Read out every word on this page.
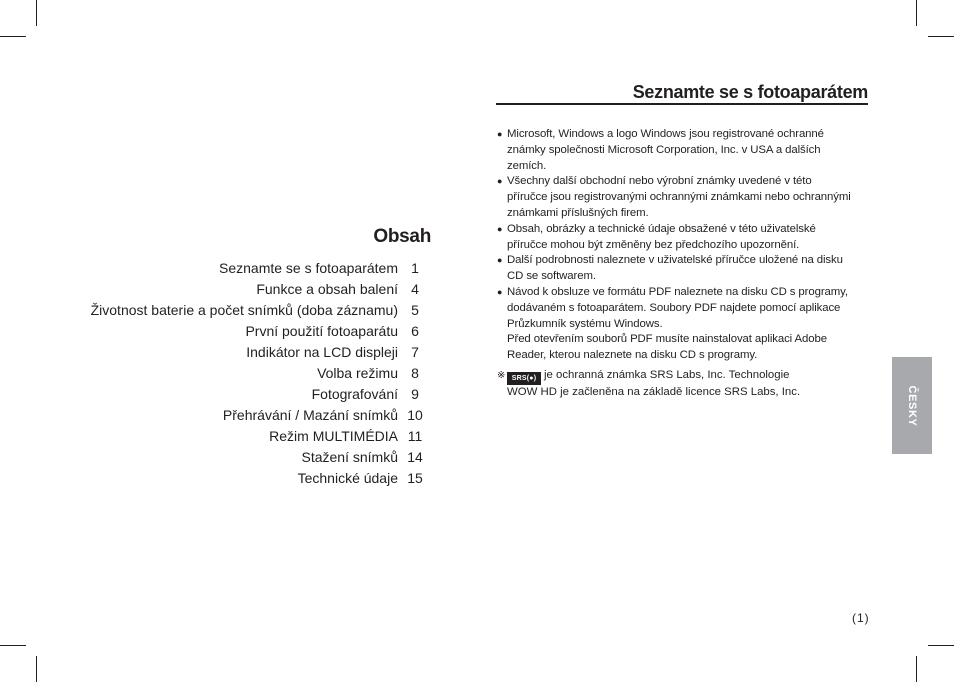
Obsah
Seznamte se s fotoaparátem 1
Funkce a obsah balení 4
Životnost baterie a počet snímků (doba záznamu) 5
První použití fotoaparátu 6
Indikátor na LCD displeji 7
Volba režimu 8
Fotografování 9
Přehrávání / Mazání snímků 10
Režim MULTIMÉDIA 11
Stažení snímků 14
Technické údaje 15
Seznamte se s fotoaparátem
● Microsoft, Windows a logo Windows jsou registrované ochranné

známky společnosti Microsoft Corporation, Inc. v USA a dalších

zemích.

● Všechny další obchodní nebo výrobní známky uvedené v této

příručce jsou registrovanými ochrannými známkami nebo ochrannými

známkami příslušných firem.

● Obsah, obrázky a technické údaje obsažené v této uživatelské

příručce mohou být změněny bez předchozího upozornění.

● Další podrobnosti naleznete v uživatelské příručce uložené na disku

CD se softwarem.

● Návod k obsluze ve formátu PDF naleznete na disku CD s programy,

dodávaném s fotoaparátem. Soubory PDF najdete pomocí aplikace

Průzkumník systému Windows.

Před otevřením souborů PDF musíte nainstalovat aplikaci Adobe

Reader, kterou naleznete na disku CD s programy.

※ SRS(●) je ochranná známka SRS Labs, Inc. Technologie
WOW HD je začleněna na základě licence SRS Labs, Inc.	ČESKY
(1)
